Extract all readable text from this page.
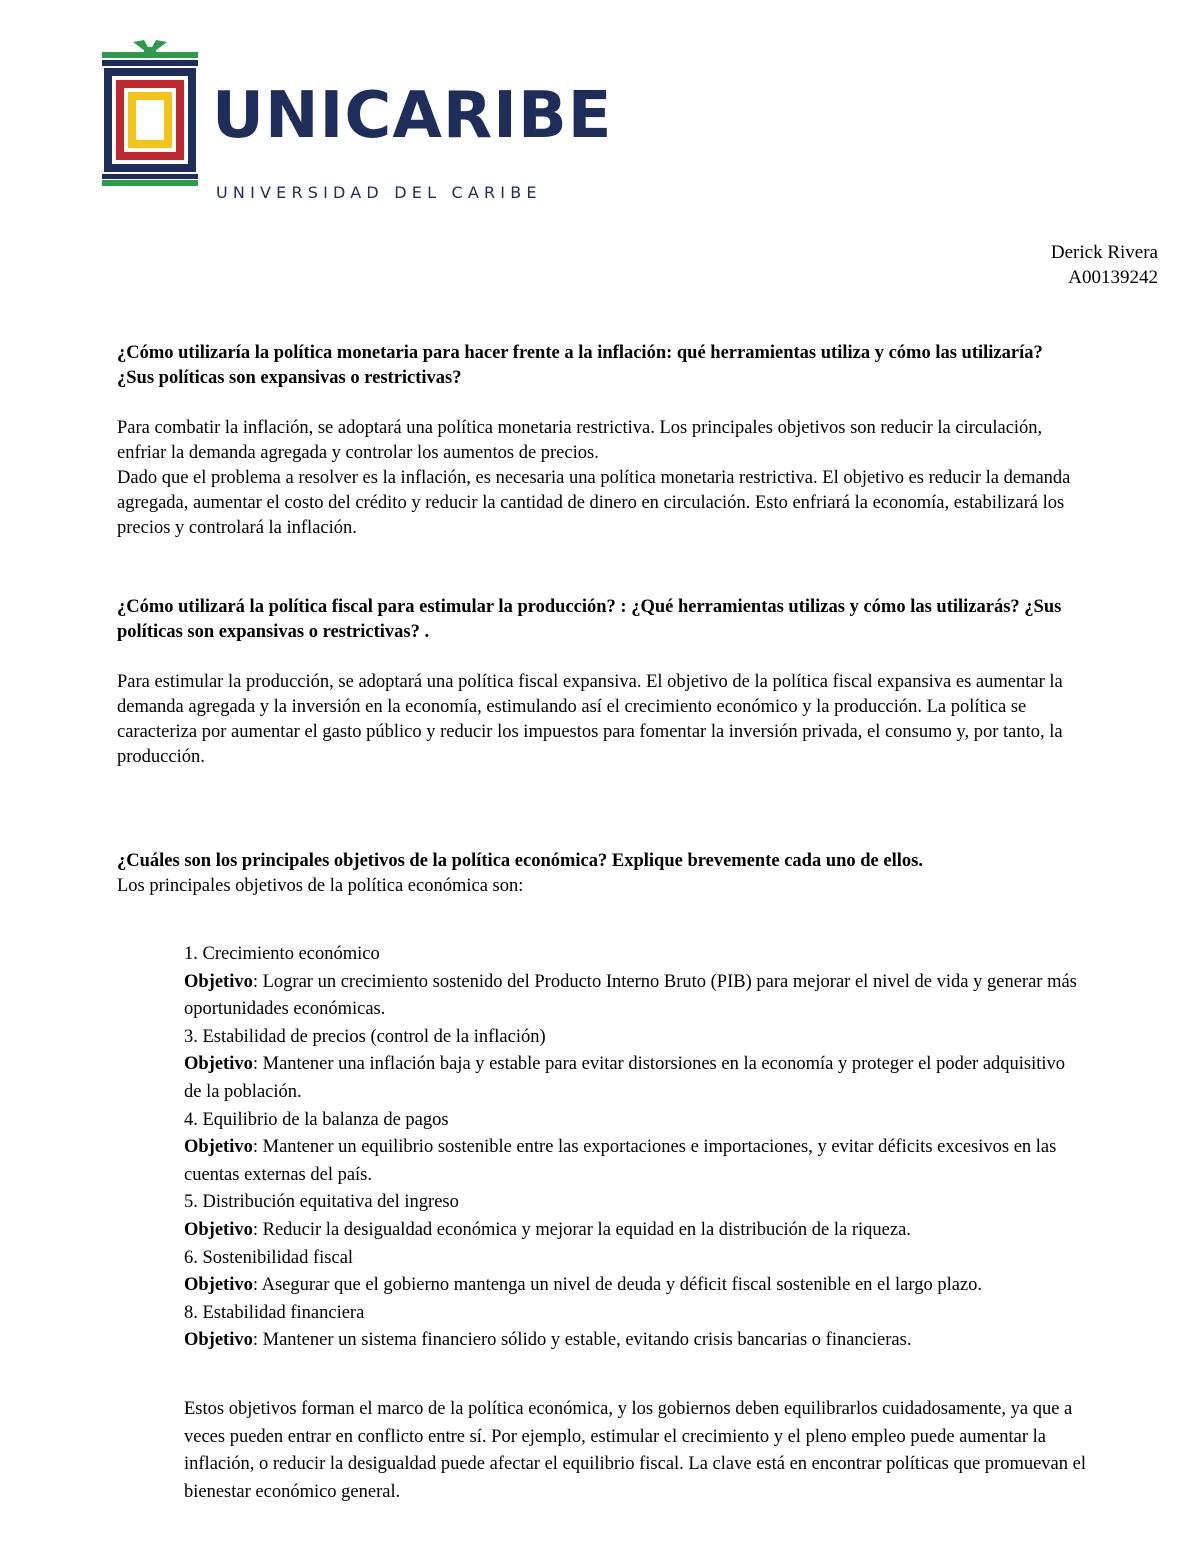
UNICARIBE
UNIVERSIDAD DEL CARIBE
Derick Rivera
A00139242
¿Cómo utilizaría la política monetaria para hacer frente a la inflación: qué herramientas utiliza y cómo las utilizaría? ¿Sus políticas son expansivas o restrictivas?

Para combatir la inflación, se adoptará una política monetaria restrictiva. Los principales objetivos son reducir la circulación, enfriar la demanda agregada y controlar los aumentos de precios.

Dado que el problema a resolver es la inflación, es necesaria una política monetaria restrictiva. El objetivo es reducir la demanda agregada, aumentar el costo del crédito y reducir la cantidad de dinero en circulación. Esto enfriará la economía, estabilizará los precios y controlará la inflación.

¿Cómo utilizará la política fiscal para estimular la producción? : ¿Qué herramientas utilizas y cómo las utilizarás? ¿Sus políticas son expansivas o restrictivas? .

Para estimular la producción, se adoptará una política fiscal expansiva. El objetivo de la política fiscal expansiva es aumentar la demanda agregada y la inversión en la economía, estimulando así el crecimiento económico y la producción. La política se caracteriza por aumentar el gasto público y reducir los impuestos para fomentar la inversión privada, el consumo y, por tanto, la producción.

¿Cuáles son los principales objetivos de la política económica? Explique brevemente cada uno de ellos.

Los principales objetivos de la política económica son:

1. Crecimiento económico
Objetivo: Lograr un crecimiento sostenido del Producto Interno Bruto (PIB) para mejorar el nivel de vida y generar más oportunidades económicas.
3. Estabilidad de precios (control de la inflación)
Objetivo: Mantener una inflación baja y estable para evitar distorsiones en la economía y proteger el poder adquisitivo de la población.
4. Equilibrio de la balanza de pagos
Objetivo: Mantener un equilibrio sostenible entre las exportaciones e importaciones, y evitar déficits excesivos en las cuentas externas del país.
5. Distribución equitativa del ingreso
Objetivo: Reducir la desigualdad económica y mejorar la equidad en la distribución de la riqueza.
6. Sostenibilidad fiscal
Objetivo: Asegurar que el gobierno mantenga un nivel de deuda y déficit fiscal sostenible en el largo plazo.
8. Estabilidad financiera
Objetivo: Mantener un sistema financiero sólido y estable, evitando crisis bancarias o financieras.

Estos objetivos forman el marco de la política económica, y los gobiernos deben equilibrarlos cuidadosamente, ya que a veces pueden entrar en conflicto entre sí. Por ejemplo, estimular el crecimiento y el pleno empleo puede aumentar la inflación, o reducir la desigualdad puede afectar el equilibrio fiscal. La clave está en encontrar políticas que promuevan el bienestar económico general.
